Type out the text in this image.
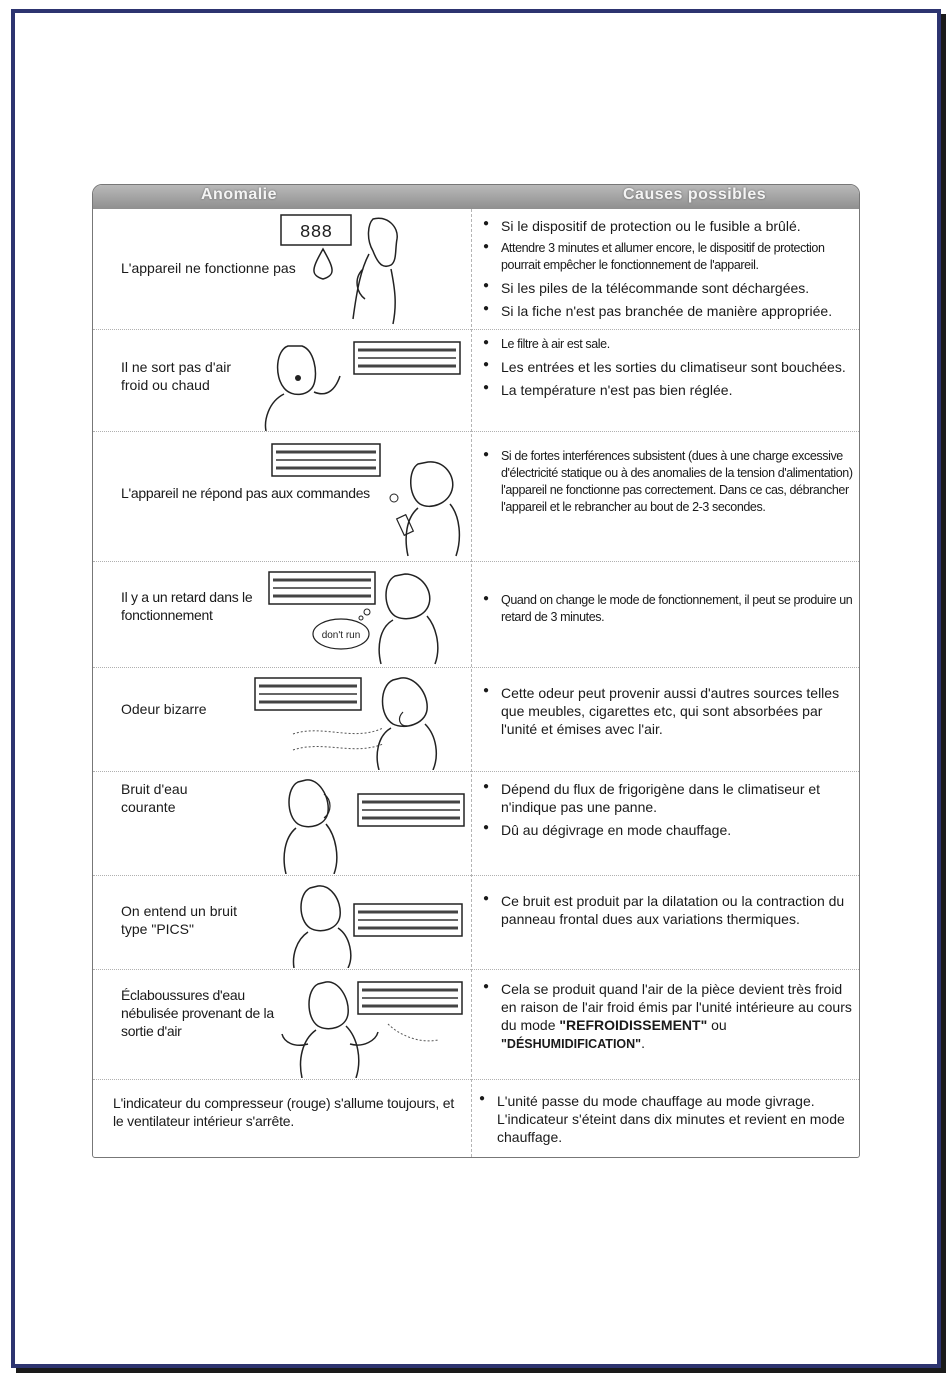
Anomalie	Causes possibles
L'appareil ne fonctionne pas
888
●	Si le dispositif de protection ou le fusible a brûlé.
● Attendre 3 minutes et allumer encore, le dispositif de protection pourrait empêcher le fonctionnement de l'appareil.
● Si les piles de la télécommande sont déchargées.
● Si la fiche n'est pas branchée de manière appropriée.
Il ne sort pas d'air froid ou chaud
● Le filtre à air est sale.
● Les entrées et les sorties du climatiseur sont bouchées.
● La température n'est pas bien réglée.
L'appareil ne répond pas aux commandes
● Si de fortes interférences subsistent (dues à une charge excessive d'électricité statique ou à des anomalies de la tension d'alimentation) l'appareil ne fonctionne pas correctement. Dans ce cas, débrancher l'appareil et le rebrancher au bout de 2-3 secondes.
Il y a un retard dans le fonctionnement
don't run
● Quand on change le mode de fonctionnement, il peut se produire un retard de 3 minutes.
Odeur bizarre
● Cette odeur peut provenir aussi d'autres sources telles que meubles, cigarettes etc, qui sont absorbées par l'unité et émises avec l'air.
Bruit d'eau courante
● Dépend du flux de frigorigène dans le climatiseur et n'indique pas une panne.
● Dû au dégivrage en mode chauffage.
On entend un bruit type "PICS"
● Ce bruit est produit par la dilatation ou la contraction du panneau frontal dues aux variations thermiques.
Éclaboussures d'eau nébulisée provenant de la sortie d'air
● Cela se produit quand l'air de la pièce devient très froid en raison de l'air froid émis par l'unité intérieure au cours du mode "REFROIDISSEMENT" ou "DÉSHUMIDIFICATION".
L'indicateur du compresseur (rouge) s'allume toujours, et le ventilateur intérieur s'arrête.
● L'unité passe du mode chauffage au mode givrage. L'indicateur s'éteint dans dix minutes et revient en mode chauffage.
